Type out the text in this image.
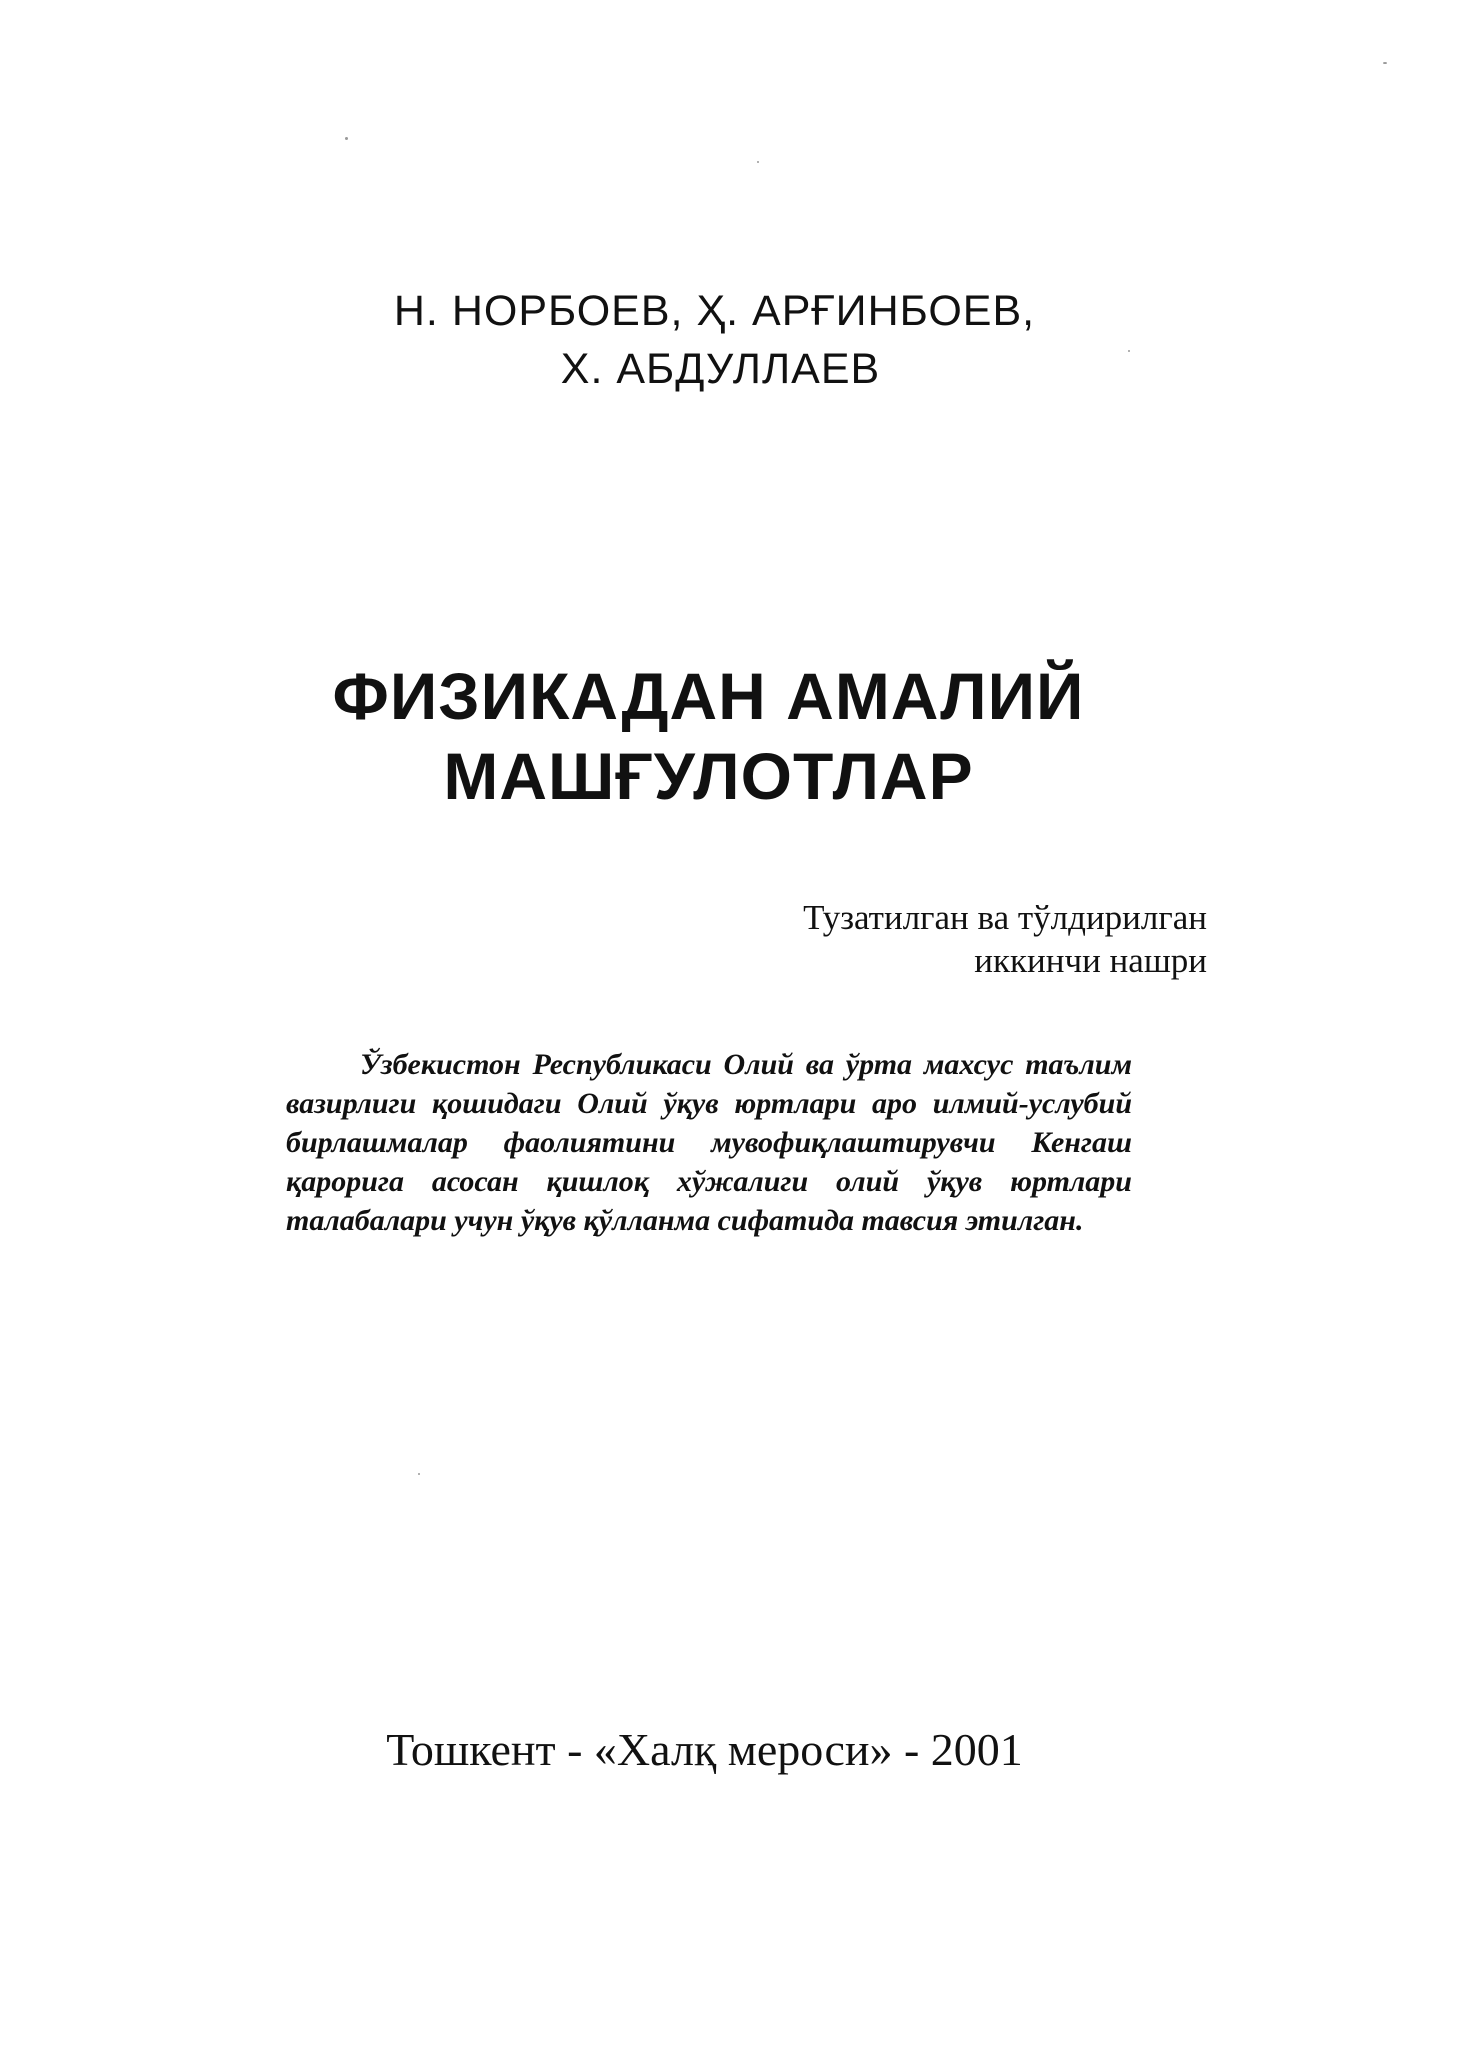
Н. НОРБОЕВ, Ҳ. АРҒИНБОЕВ,
Х. АБДУЛЛАЕВ
ФИЗИКАДАН АМАЛИЙ
МАШҒУЛОТЛАР
Тузатилган ва тўлдирилган
иккинчи нашри
Ўзбекистон Республикаси Олий ва ўрта махсус таълим вазирлиги қошидаги Олий ўқув юртлари аро илмий-услубий бирлашмалар фаолиятини мувофиқлаштирувчи Кенгаш қарорига асосан қишлоқ хўжалиги олий ўқув юртлари талабалари учун ўқув қўлланма сифатида тавсия этилган.
Тошкент - «Халқ мероси» - 2001
